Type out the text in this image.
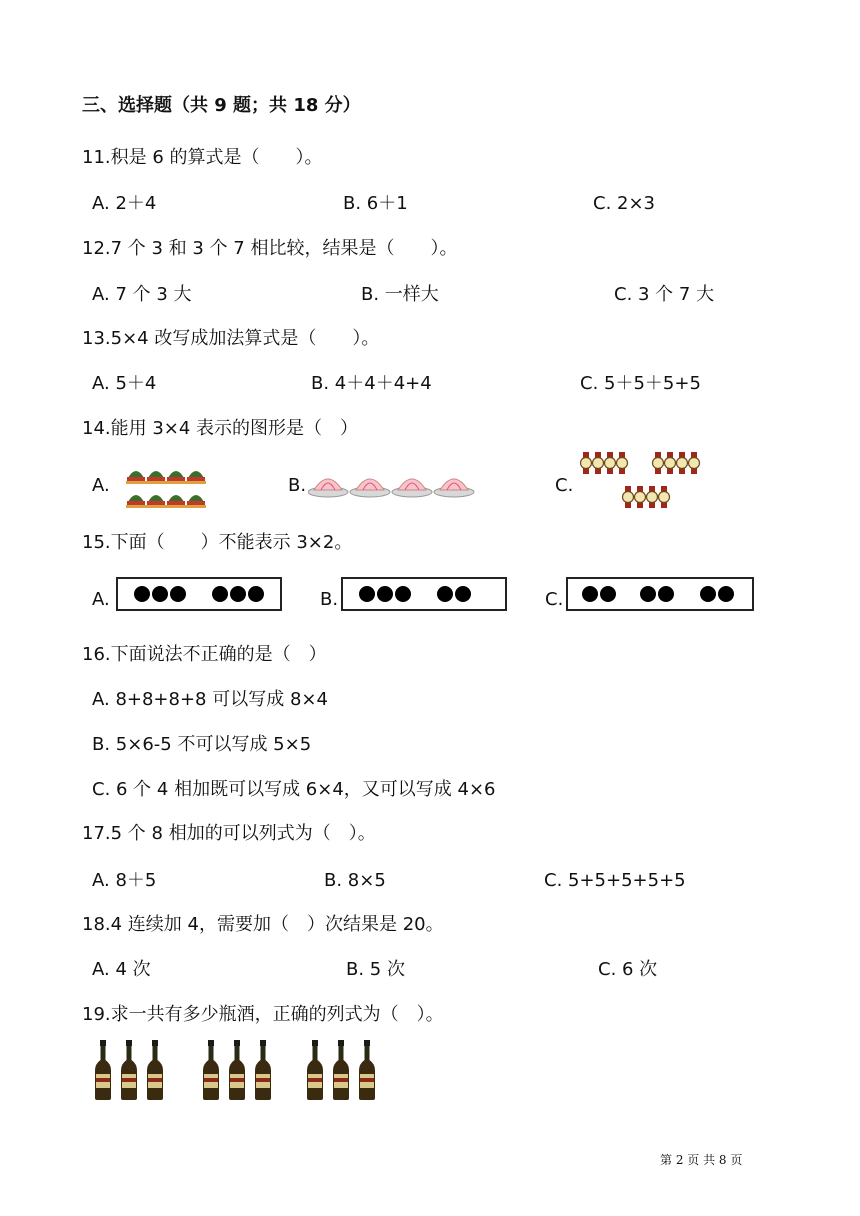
三、选择题（共 9 题；共 18 分）
11.积是 6 的算式是（　　）。
A. 2＋4	B. 6＋1	C. 2×3
12.7 个 3 和 3 个 7 相比较，结果是（　　）。
A. 7 个 3 大	B. 一样大	C. 3 个 7 大
13.5×4 改写成加法算式是（　　）。
A. 5＋4	B. 4＋4＋4+4	C. 5＋5＋5+5
14.能用 3×4 表示的图形是（　）
A.	B.	C.
15.下面（　　）不能表示 3×2。
A.	B.	C.
16.下面说法不正确的是（　）
A. 8+8+8+8 可以写成 8×4
B. 5×6-5 不可以写成 5×5
C. 6 个 4 相加既可以写成 6×4，又可以写成 4×6
17.5 个 8 相加的可以列式为（　）。
A. 8＋5	B. 8×5	C. 5+5+5+5+5
18.4 连续加 4，需要加（　）次结果是 20。
A. 4 次	B. 5 次	C. 6 次
19.求一共有多少瓶酒，正确的列式为（　）。
第 2 页 共 8 页
